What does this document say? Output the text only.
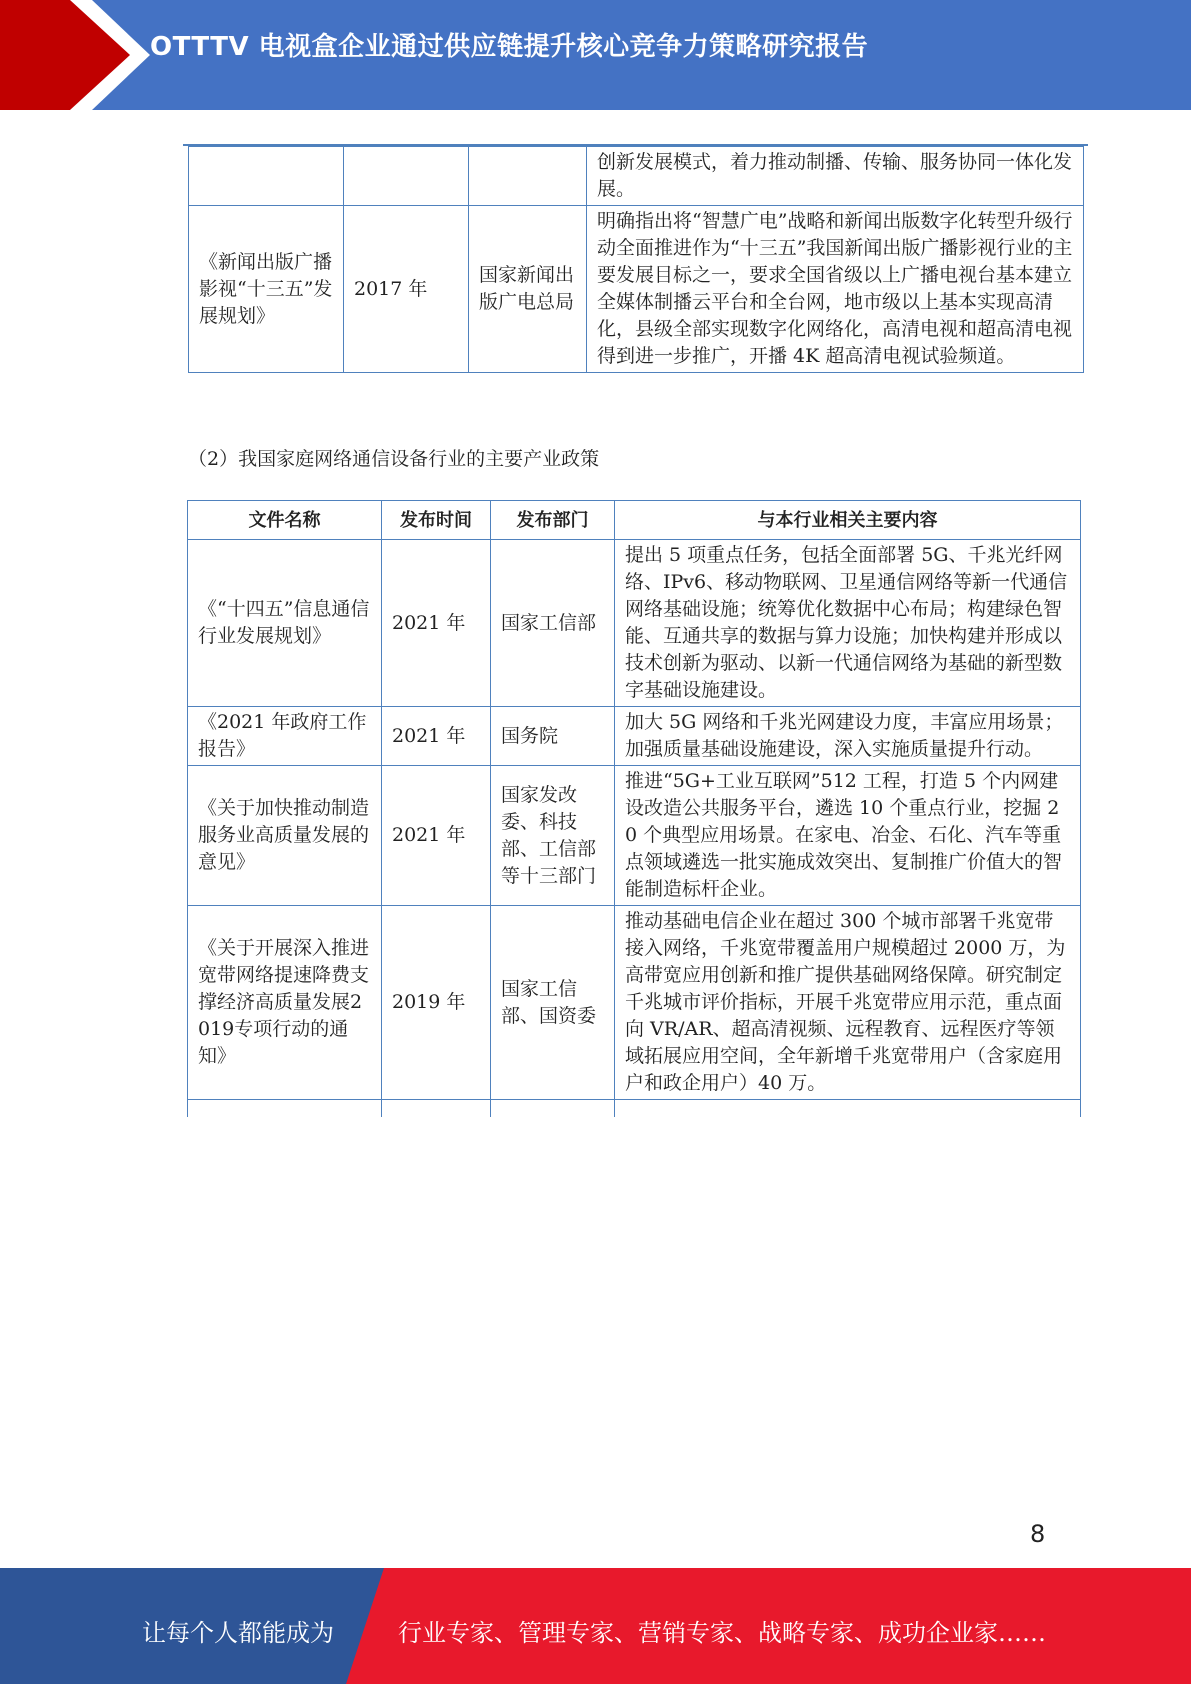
OTTTV 电视盒企业通过供应链提升核心竞争力策略研究报告
			创新发展模式，着力推动制播、传输、服务协同一体化发展。
《新闻出版广播影视“十三五”发展规划》	2017 年	国家新闻出版广电总局	明确指出将“智慧广电”战略和新闻出版数字化转型升级行动全面推进作为“十三五”我国新闻出版广播影视行业的主要发展目标之一，要求全国省级以上广播电视台基本建立全媒体制播云平台和全台网，地市级以上基本实现高清化，县级全部实现数字化网络化，高清电视和超高清电视得到进一步推广，开播 4K 超高清电视试验频道。
（2）我国家庭网络通信设备行业的主要产业政策
文件名称	发布时间	发布部门	与本行业相关主要内容
《“十四五”信息通信行业发展规划》	2021 年	国家工信部	提出 5 项重点任务，包括全面部署 5G、千兆光纤网络、IPv6、移动物联网、卫星通信网络等新一代通信网络基础设施；统筹优化数据中心布局；构建绿色智能、互通共享的数据与算力设施；加快构建并形成以技术创新为驱动、以新一代通信网络为基础的新型数字基础设施建设。
《2021 年政府工作报告》	2021 年	国务院	加大 5G 网络和千兆光网建设力度，丰富应用场景；加强质量基础设施建设，深入实施质量提升行动。
《关于加快推动制造服务业高质量发展的意见》	2021 年	国家发改委、科技部、工信部等十三部门	推进“5G+工业互联网”512 工程，打造 5 个内网建设改造公共服务平台，遴选 10 个重点行业，挖掘 20 个典型应用场景。在家电、冶金、石化、汽车等重点领域遴选一批实施成效突出、复制推广价值大的智能制造标杆企业。
《关于开展深入推进宽带网络提速降费支撑经济高质量发展2019专项行动的通知》	2019 年	国家工信部、国资委	推动基础电信企业在超过 300 个城市部署千兆宽带接入网络，千兆宽带覆盖用户规模超过 2000 万，为高带宽应用创新和推广提供基础网络保障。研究制定千兆城市评价指标，开展千兆宽带应用示范，重点面向 VR/AR、超高清视频、远程教育、远程医疗等领域拓展应用空间，全年新增千兆宽带用户（含家庭用户和政企用户）40 万。

8
让每个人都能成为	行业专家、管理专家、营销专家、战略专家、成功企业家……
